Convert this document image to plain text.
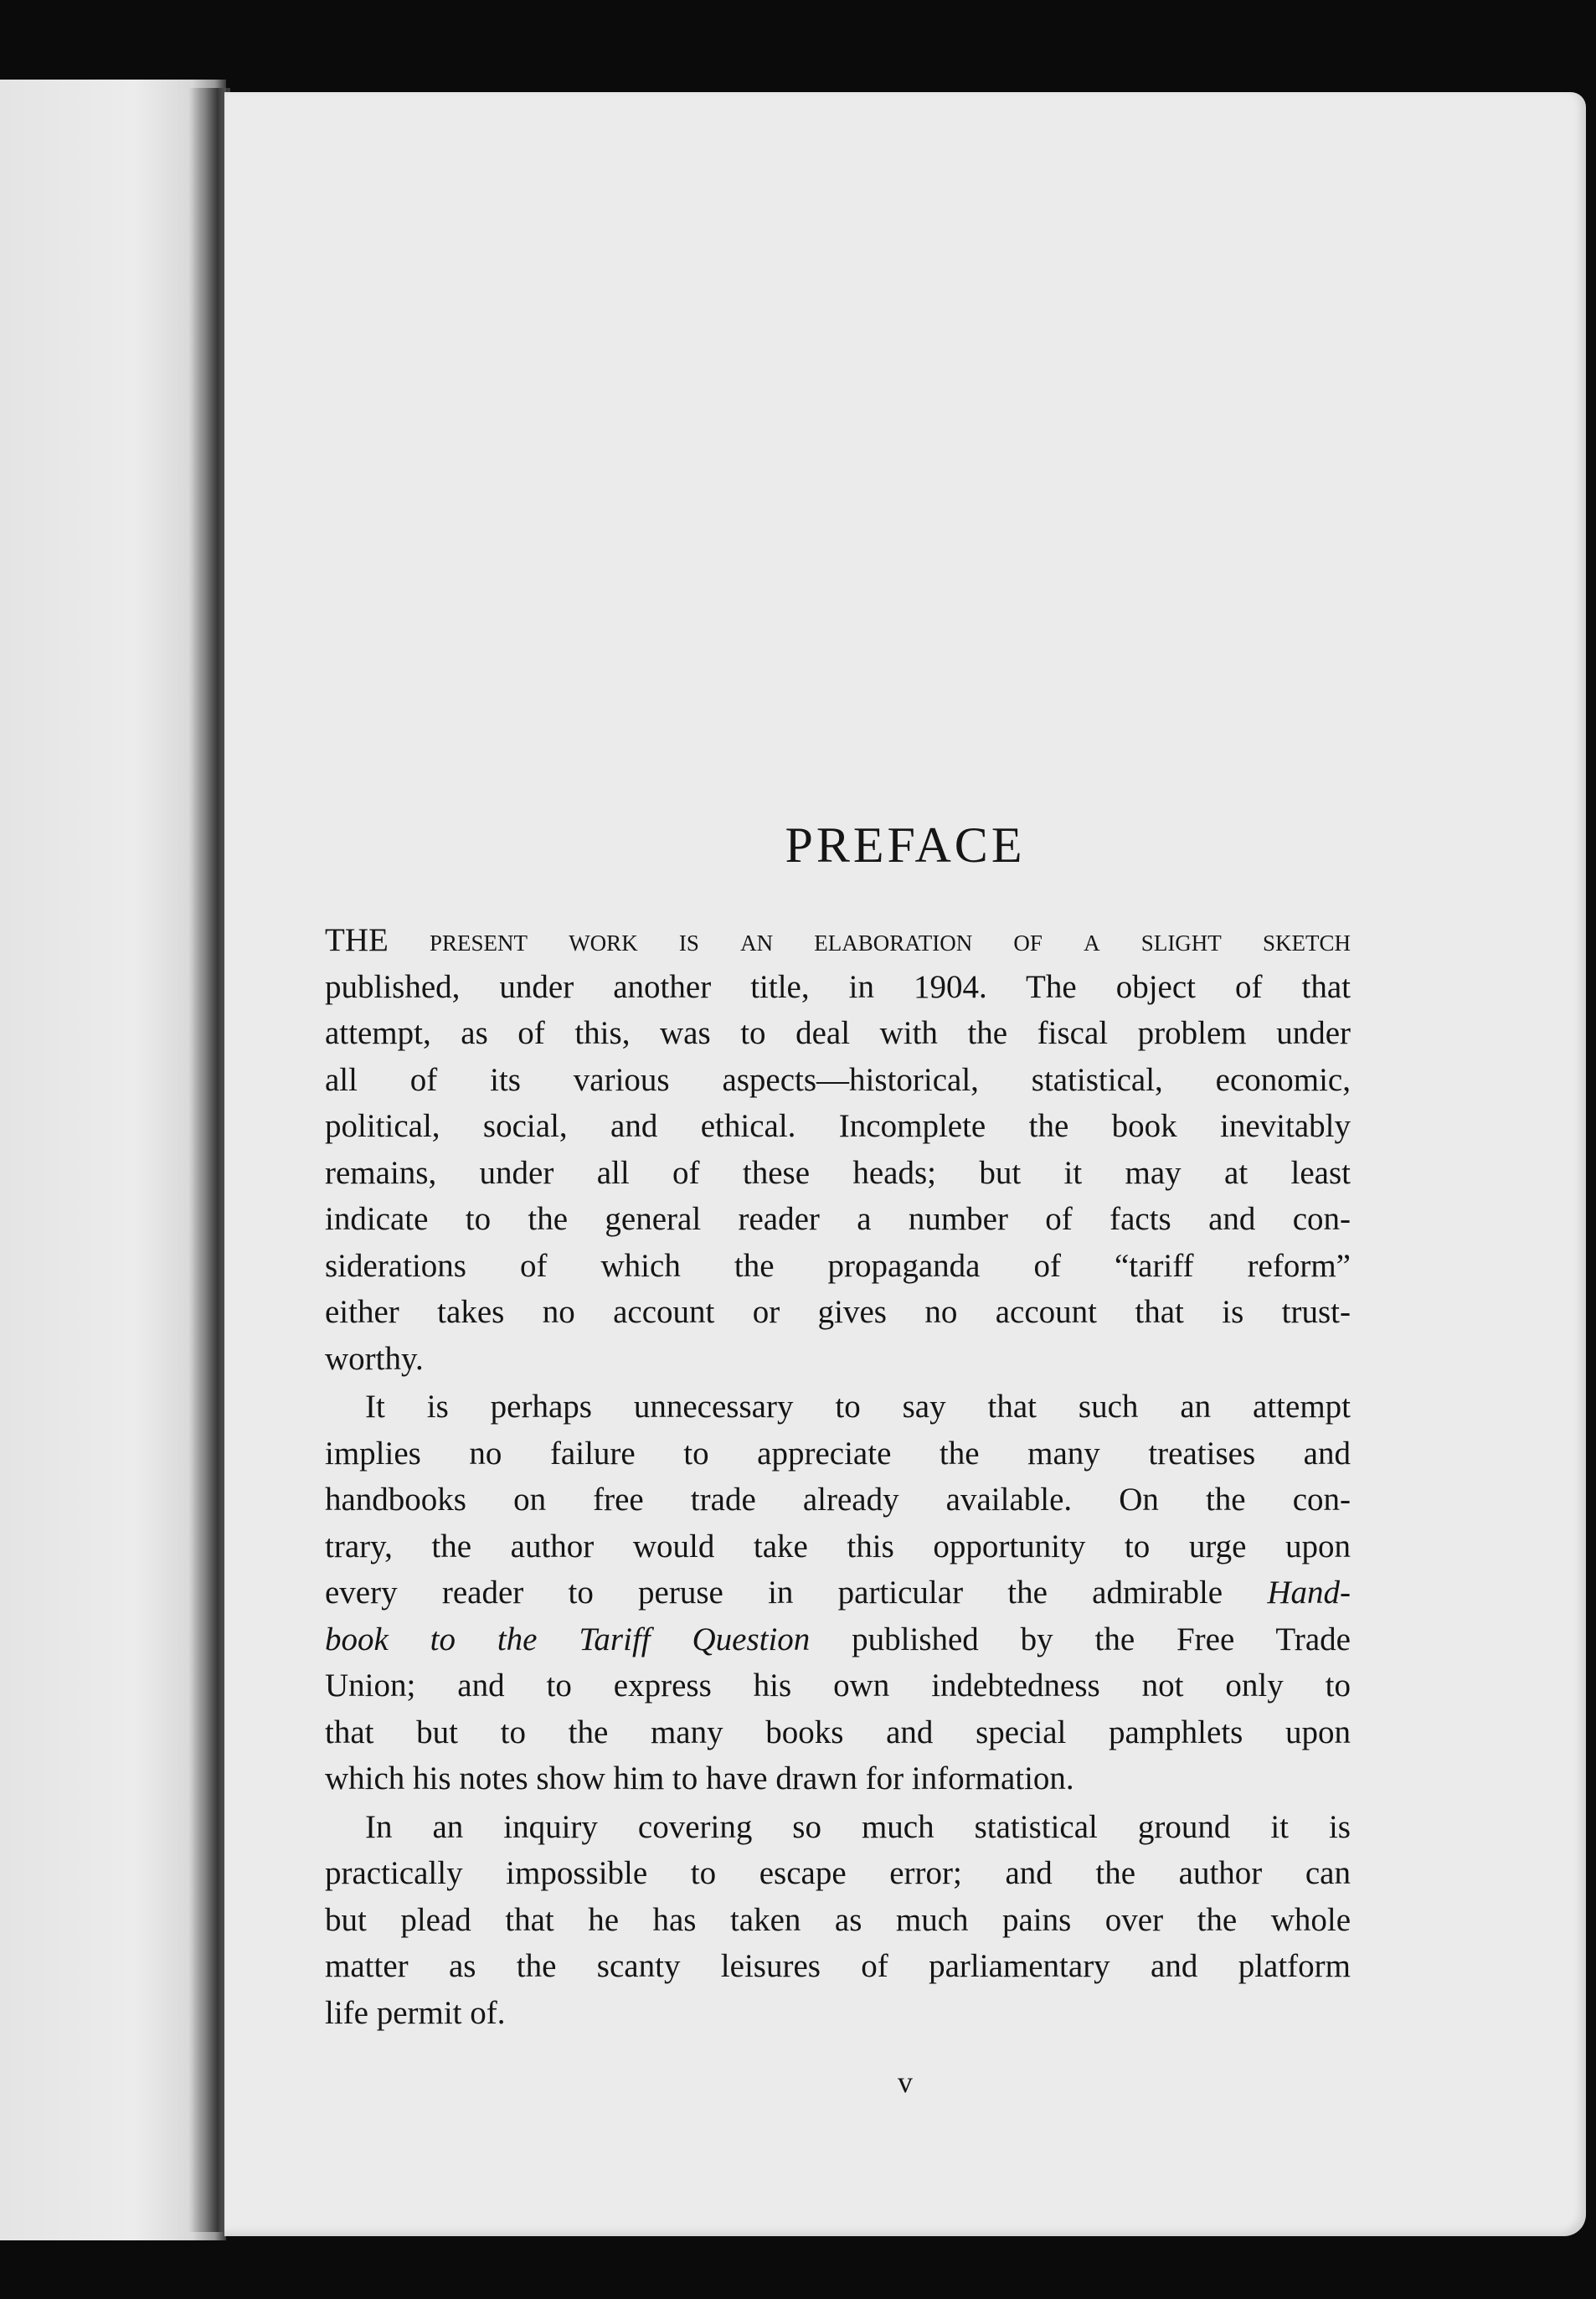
PREFACE

THE present work is an elaboration of a slight sketch
published, under another title, in 1904. The object of that
attempt, as of this, was to deal with the fiscal problem under
all of its various aspects—historical, statistical, economic,
political, social, and ethical. Incomplete the book inevitably
remains, under all of these heads; but it may at least
indicate to the general reader a number of facts and con-
siderations of which the propaganda of “tariff reform”
either takes no account or gives no account that is trust-
worthy.

It is perhaps unnecessary to say that such an attempt
implies no failure to appreciate the many treatises and
handbooks on free trade already available. On the con-
trary, the author would take this opportunity to urge upon
every reader to peruse in particular the admirable Hand-
book to the Tariff Question published by the Free Trade
Union; and to express his own indebtedness not only to
that but to the many books and special pamphlets upon
which his notes show him to have drawn for information.

In an inquiry covering so much statistical ground it is
practically impossible to escape error; and the author can
but plead that he has taken as much pains over the whole
matter as the scanty leisures of parliamentary and platform
life permit of.

v
